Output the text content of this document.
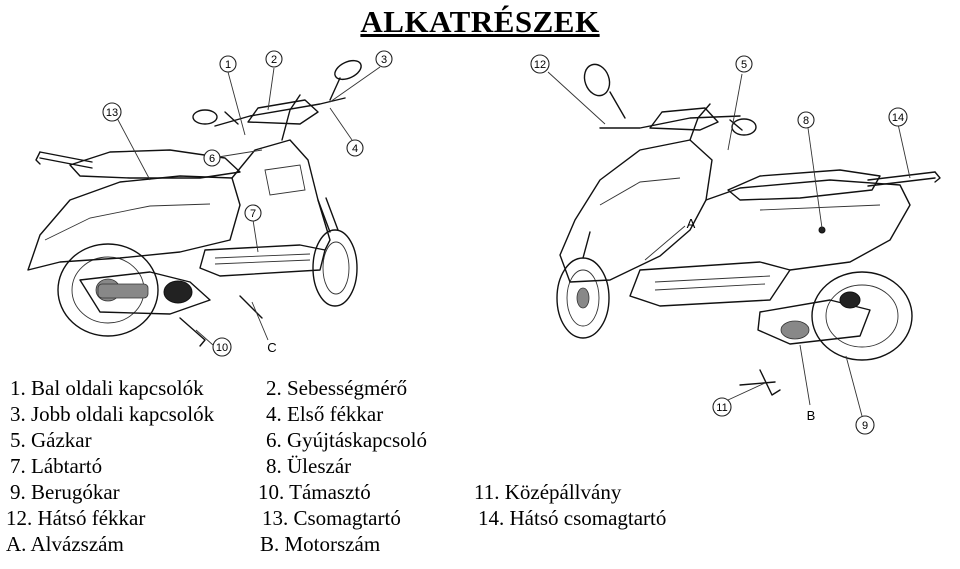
ALKATRÉSZEK
1	2	3
4
6
7
13
10	C
12	5
8	14
A
11	B
9
1. Bal oldali kapcsolók	2. Sebességmérő
3. Jobb oldali kapcsolók 4. Első fékkar
5. Gázkar	6. Gyújtáskapcsoló
7. Lábtartó	8. Üleszár
9. Berugókar	10. Támasztó	11. Középállvány
12. Hátsó fékkar	13. Csomagtartó	14. Hátsó csomagtartó
A. Alvázszám	B. Motorszám
